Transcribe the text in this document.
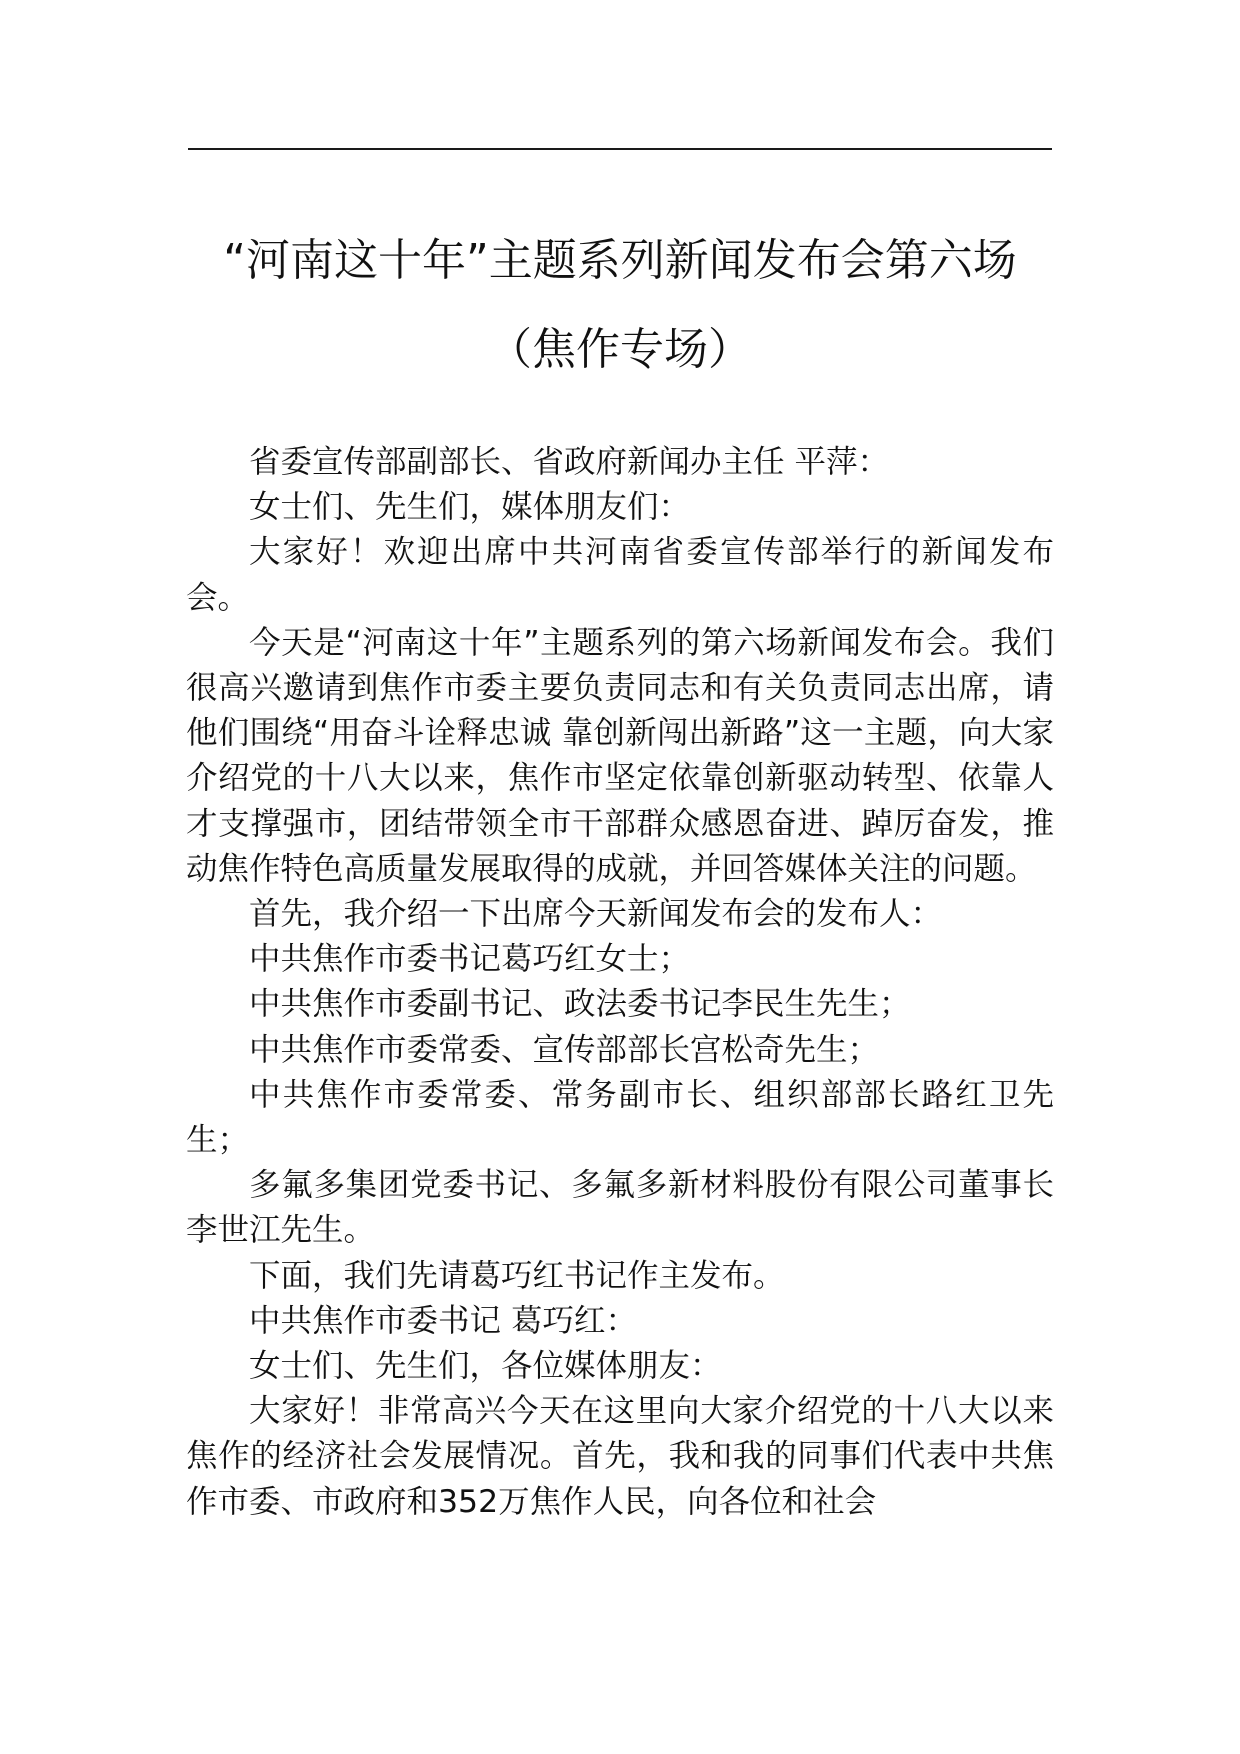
“河南这十年”主题系列新闻发布会第六场
（焦作专场）

省委宣传部副部长、省政府新闻办主任 平萍：

女士们、先生们，媒体朋友们：

大家好！欢迎出席中共河南省委宣传部举行的新闻发布会。

今天是“河南这十年”主题系列的第六场新闻发布会。我们很高兴邀请到焦作市委主要负责同志和有关负责同志出席，请他们围绕“用奋斗诠释忠诚 靠创新闯出新路”这一主题，向大家介绍党的十八大以来，焦作市坚定依靠创新驱动转型、依靠人才支撑强市，团结带领全市干部群众感恩奋进、踔厉奋发，推动焦作特色高质量发展取得的成就，并回答媒体关注的问题。

首先，我介绍一下出席今天新闻发布会的发布人：

中共焦作市委书记葛巧红女士；

中共焦作市委副书记、政法委书记李民生先生；

中共焦作市委常委、宣传部部长宫松奇先生；

中共焦作市委常委、常务副市长、组织部部长路红卫先生；

多氟多集团党委书记、多氟多新材料股份有限公司董事长李世江先生。

下面，我们先请葛巧红书记作主发布。

中共焦作市委书记 葛巧红：

女士们、先生们，各位媒体朋友：

大家好！非常高兴今天在这里向大家介绍党的十八大以来焦作的经济社会发展情况。首先，我和我的同事们代表中共焦作市委、市政府和352万焦作人民，向各位和社会
